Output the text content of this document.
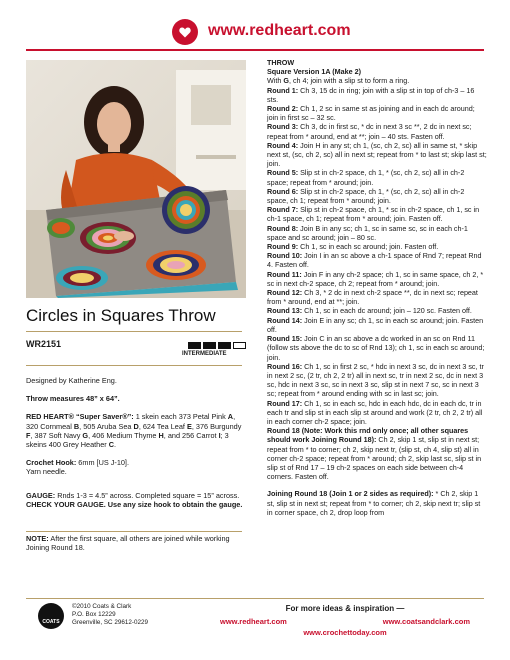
www.redheart.com
Circles in Squares Throw
WR2151
INTERMEDIATE

Designed by Katherine Eng.

Throw measures 48” x 64”.

RED HEART® “Super Saver®”: 1 skein each 373 Petal Pink A, 320 Cornmeal B, 505 Aruba Sea D, 624 Tea Leaf E, 376 Burgundy F, 387 Soft Navy G, 406 Medium Thyme H, and 256 Carrot I; 3 skeins 400 Grey Heather C.

Crochet Hook: 6mm [US J-10].
Yarn needle.

GAUGE: Rnds 1-3 = 4.5” across. Completed square = 15” across. CHECK YOUR GAUGE. Use any size hook to obtain the gauge.

NOTE: After the first square, all others are joined while working Joining Round 18.

THROW

Square Version 1A (Make 2)

With G, ch 4; join with a slip st to form a ring.

Round 1: Ch 3, 15 dc in ring; join with a slip st in top of ch-3 – 16 sts.

Round 2: Ch 1, 2 sc in same st as joining and in each dc around; join in first sc – 32 sc.

Round 3: Ch 3, dc in first sc, * dc in next 3 sc **, 2 dc in next sc; repeat from * around, end at **; join – 40 sts. Fasten off.

Round 4: Join H in any st; ch 1, (sc, ch 2, sc) all in same st, * skip next st, (sc, ch 2, sc) all in next st; repeat from * to last st; skip last st; join.

Round 5: Slip st in ch-2 space, ch 1, * (sc, ch 2, sc) all in ch-2 space; repeat from * around; join.

Round 6: Slip st in ch-2 space, ch 1, * (sc, ch 2, sc) all in ch-2 space, ch 1; repeat from * around; join.

Round 7: Slip st in ch-2 space, ch 1, * sc in ch-2 space, ch 1, sc in ch-1 space, ch 1; repeat from * around; join. Fasten off.

Round 8: Join B in any sc; ch 1, sc in same sc, sc in each ch-1 space and sc around; join – 80 sc.

Round 9: Ch 1, sc in each sc around; join. Fasten off.

Round 10: Join I in an sc above a ch-1 space of Rnd 7; repeat Rnd 4. Fasten off.

Round 11: Join F in any ch-2 space; ch 1, sc in same space, ch 2, * sc in next ch-2 space, ch 2; repeat from * around; join.

Round 12: Ch 3, * 2 dc in next ch-2 space **, dc in next sc; repeat from * around, end at **; join.

Round 13: Ch 1, sc in each dc around; join – 120 sc. Fasten off.

Round 14: Join E in any sc; ch 1, sc in each sc around; join. Fasten off.

Round 15: Join C in an sc above a dc worked in an sc on Rnd 11 (follow sts above the dc to sc of Rnd 13); ch 1, sc in each sc around; join.

Round 16: Ch 1, sc in first 2 sc, * hdc in next 3 sc, dc in next 3 sc, tr in next 2 sc, (2 tr, ch 2, 2 tr) all in next sc, tr in next 2 sc, dc in next 3 sc, hdc in next 3 sc, sc in next 3 sc, slip st in next 7 sc, sc in next 3 sc; repeat from * around ending with sc in last sc; join.

Round 17: Ch 1, sc in each sc, hdc in each hdc, dc in each dc, tr in each tr and slip st in each slip st around and work (2 tr, ch 2, 2 tr) all in each corner ch-2 space; join.

Round 18 (Note: Work this rnd only once; all other squares should work Joining Round 18): Ch 2, skip 1 st, slip st in next st; repeat from * to corner; ch 2, skip next tr, (slip st, ch 4, slip st) all in corner ch-2 space; repeat from * around; ch 2, skip last sc, slip st in slip st of Rnd 17 – 19 ch-2 spaces on each side between ch-4 corners. Fasten off.

Joining Round 18 (Join 1 or 2 sides as required): * Ch 2, skip 1 st, slip st in next st; repeat from * to corner; ch 2, skip next tr; slip st in corner space, ch 2, drop loop from

COATS
©2010 Coats & Clark
P.O. Box 12229
Greenville, SC 29612-0229
For more ideas & inspiration —
www.redheart.com	www.coatsandclark.com
www.crochettoday.com
